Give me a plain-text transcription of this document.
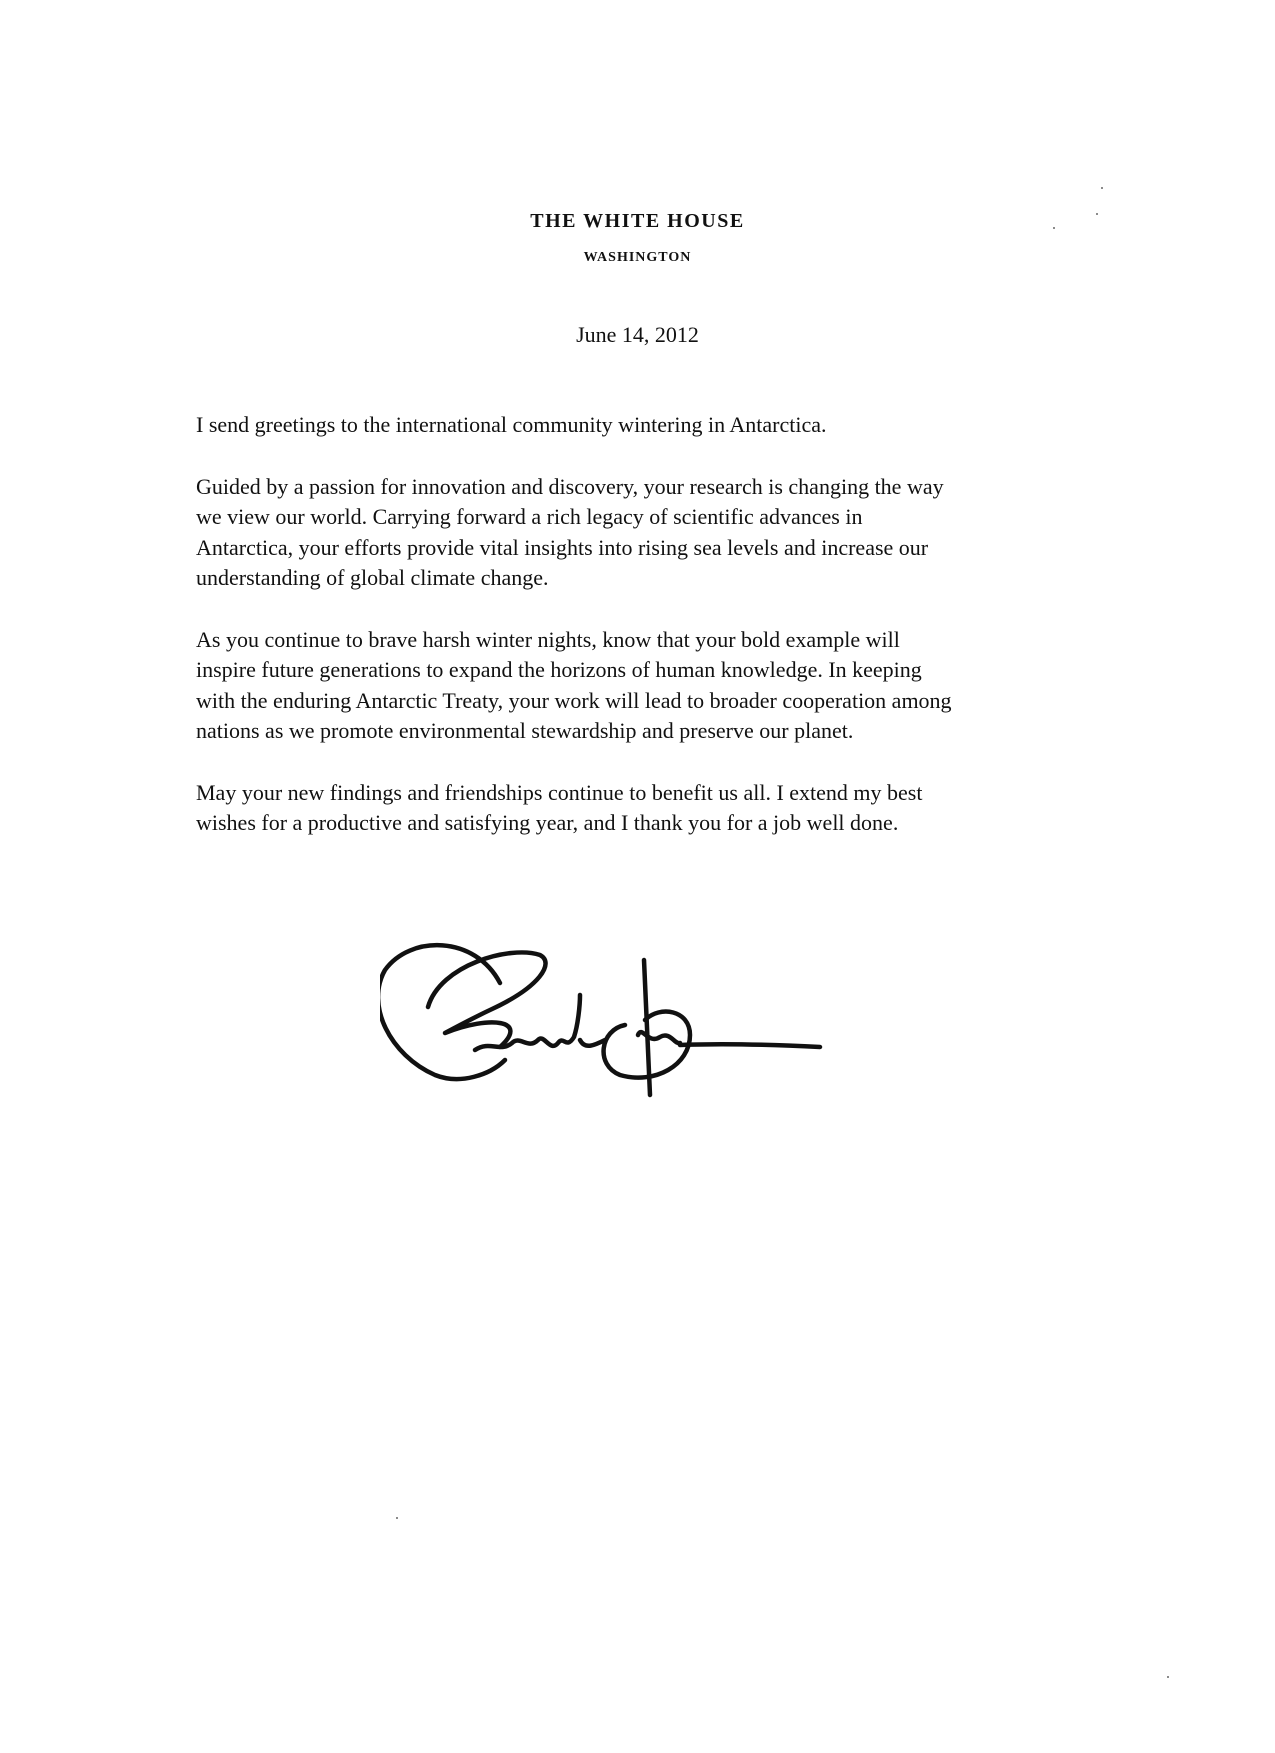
THE WHITE HOUSE
WASHINGTON
June 14, 2012

I send greetings to the international community wintering in Antarctica.

Guided by a passion for innovation and discovery, your research is changing the way we view our world. Carrying forward a rich legacy of scientific advances in Antarctica, your efforts provide vital insights into rising sea levels and increase our understanding of global climate change.

As you continue to brave harsh winter nights, know that your bold example will inspire future generations to expand the horizons of human knowledge. In keeping with the enduring Antarctic Treaty, your work will lead to broader cooperation among nations as we promote environmental stewardship and preserve our planet.

May your new findings and friendships continue to benefit us all. I extend my best wishes for a productive and satisfying year, and I thank you for a job well done.
